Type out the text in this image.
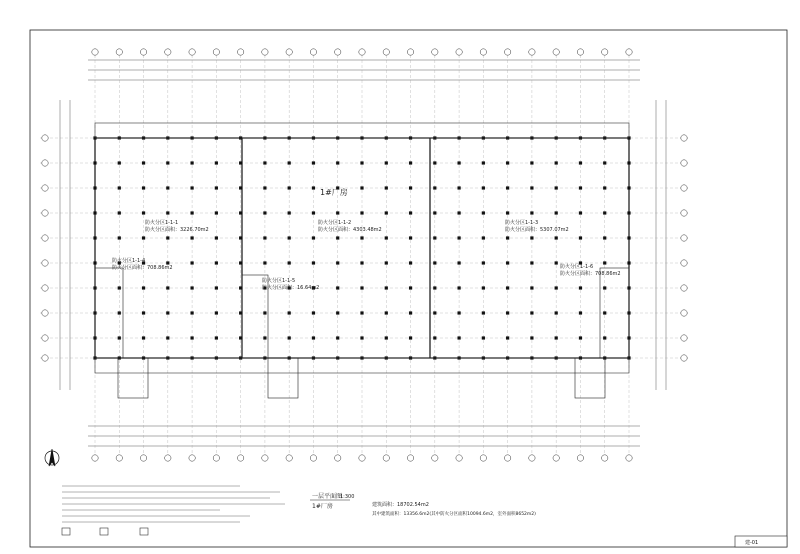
1#厂房
防火分区1-1-1
防火分区面积：3226.70m2
防火分区1-1-2
防火分区面积：4303.48m2
防火分区1-1-3
防火分区面积：5307.07m2
防火分区1-1-4
防火分区面积：708.86m2
防火分区1-1-5
防火分区面积：16.64m2
防火分区1-1-6
防火分区面积：708.86m2
一层平面图
1:300
1#厂房	建筑面积：18702.54m2
其中建筑面积：13356.6m2(其中防火分区面积10094.6m2，室外面积8652m2)
建-01
